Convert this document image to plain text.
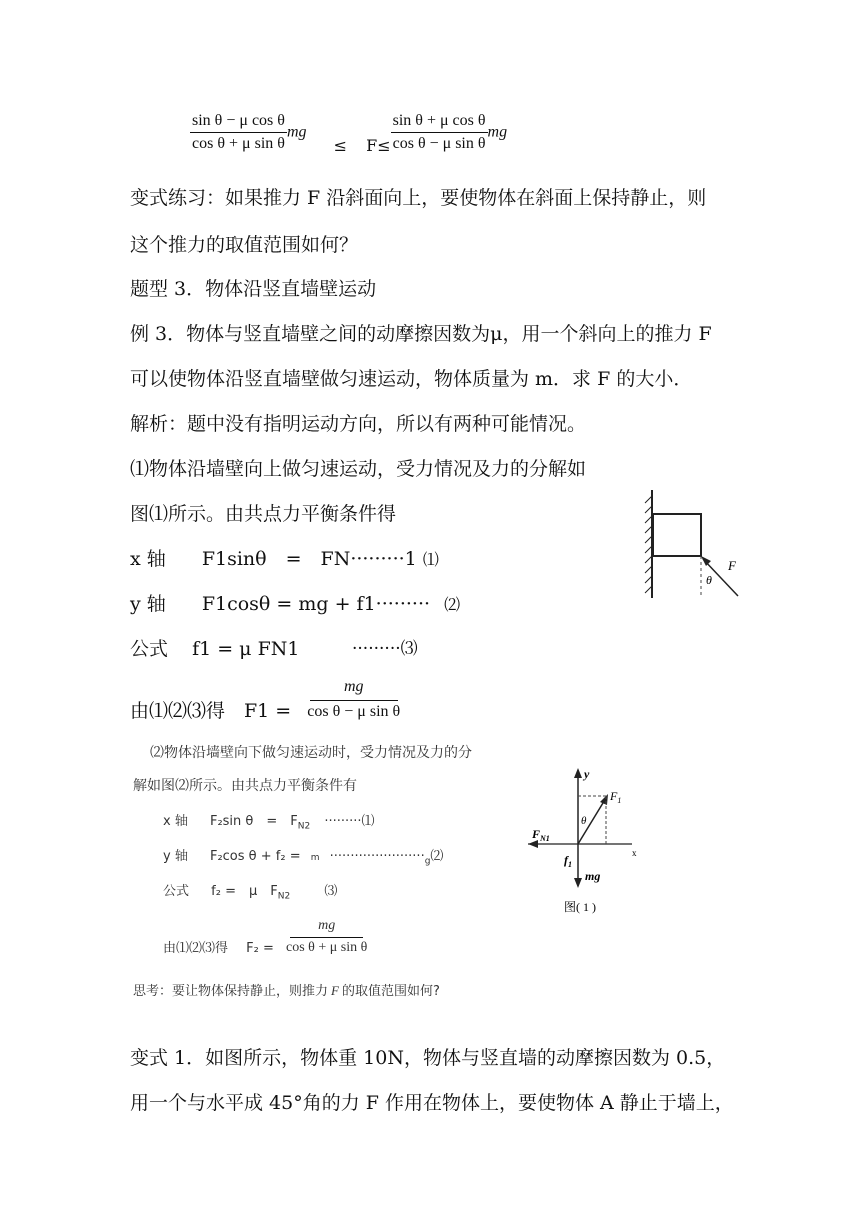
$\frac{\text{sin θ − μ cos θ}}{\text{cos θ + μ sin θ}}$ mg ≤ $F\le \frac{\text{sin θ + μ cos θ}}{\text{cos θ − μ sin θ}}$ mg
变式练习：如果推力 F 沿斜面向上，要使物体在斜面上保持静止，则
这个推力的取值范围如何？
题型 3．物体沿竖直墙壁运动
例 3．物体与竖直墙壁之间的动摩擦因数为μ，用一个斜向上的推力 F
可以使物体沿竖直墙壁做匀速运动，物体质量为 m．求 F 的大小．
解析：题中没有指明运动方向，所以有两种可能情况。
⑴物体沿墙壁向上做匀速运动，受力情况及力的分解如
图⑴所示。由共点力平衡条件得
x 轴 F1sinθ　=　FN·········1 ⑴
y 轴 F1cosθ = mg + f1········· ⑵
公式 f1 = μ FN1	·········⑶
由⑴⑵⑶得　$F1 = \frac{mg}{\text{cos θ − μ sin θ}}$
F
θ
⑵物体沿墙壁向下做匀速运动时，受力情况及力的分
解如图⑵所示。由共点力平衡条件有
x 轴 F₂sin θ　=　$F_{N2}$ ·········⑴
y 轴 F₂cos $\theta + f_2 = m \cdot\cdot\cdot\cdot\cdot\cdot\cdot\cdot\cdot\cdot\cdot\cdot\cdot\cdot\cdot\cdot\cdot\cdot\cdot\cdot\cdot\cdot\cdot_g⑵$
公式 f₂ =　μ　$F_{N2}$	⑶
由⑴⑵⑶得 $F_2 = \frac{mg}{\text{cos θ + μ sin θ}}$
思考：要让物体保持静止，则推力 F 的取值范围如何?
y
x
$F_{N1}$
$F_1$
θ
$f_1$
mg
图( 1 )
变式 1．如图所示，物体重 10N，物体与竖直墙的动摩擦因数为 0.5，
用一个与水平成 45°角的力 F 作用在物体上，要使物体 A 静止于墙上，
